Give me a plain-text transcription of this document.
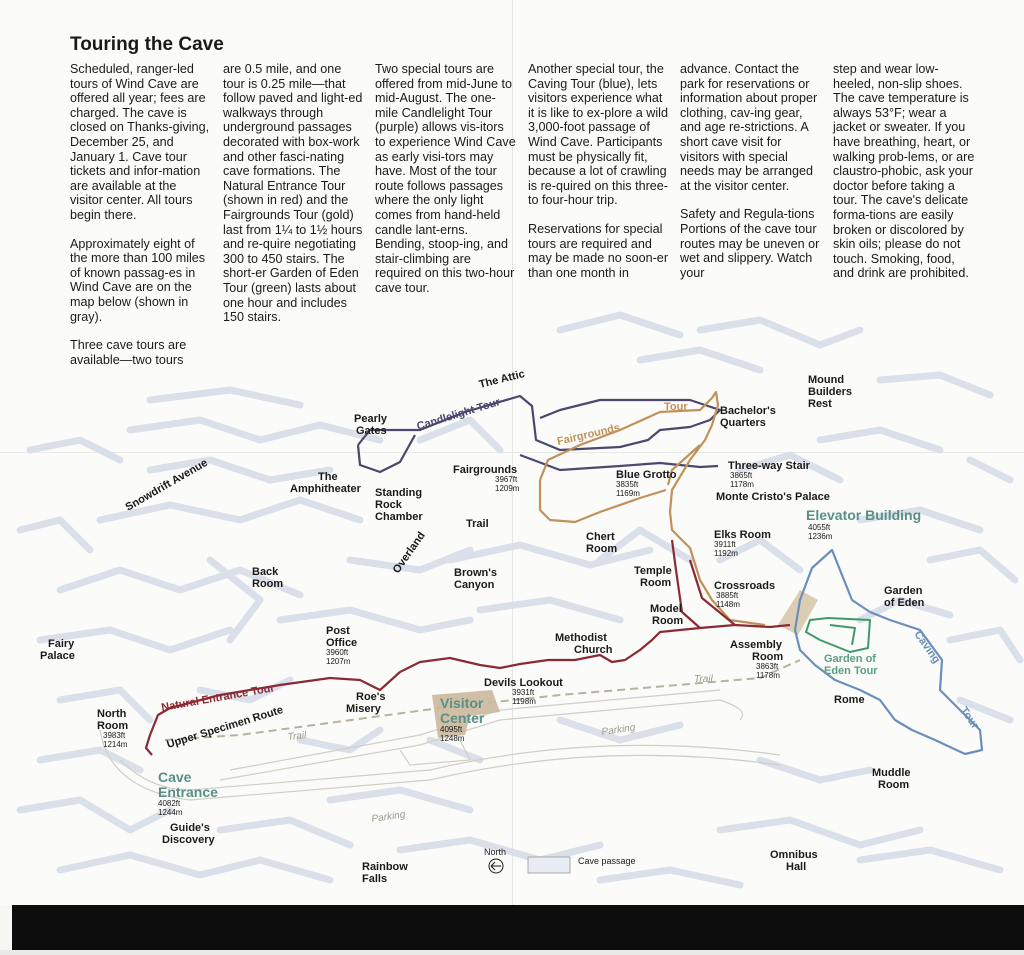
Touring the Cave

Scheduled, ranger-led tours of Wind Cave are offered all year; fees are charged. The cave is closed on Thanks-giving, December 25, and January 1. Cave tour tickets and infor-mation are available at the visitor center. All tours begin there.

Approximately eight of the more than 100 miles of known passag-es in Wind Cave are on the map below (shown in gray).

Three cave tours are available—two tours

are 0.5 mile, and one tour is 0.25 mile—that follow paved and light-ed walkways through underground passages decorated with box-work and other fasci-nating cave formations. The Natural Entrance Tour (shown in red) and the Fairgrounds Tour (gold) last from 1¼ to 1½ hours and re-quire negotiating 300 to 450 stairs. The short-er Garden of Eden Tour (green) lasts about one hour and includes 150 stairs.

Two special tours are offered from mid-June to mid-August. The one-mile Candlelight Tour (purple) allows vis-itors to experience Wind Cave as early visi-tors may have. Most of the tour route follows passages where the only light comes from hand-held candle lant-erns. Bending, stoop-ing, and stair-climbing are required on this two-hour cave tour.

Another special tour, the Caving Tour (blue), lets visitors experience what it is like to ex-plore a wild 3,000-foot passage of Wind Cave. Participants must be physically fit, because a lot of crawling is re-quired on this three-to four-hour trip.

Reservations for special tours are required and may be made no soon-er than one month in

advance. Contact the park for reservations or information about proper clothing, cav-ing gear, and age re-strictions. A short cave visit for visitors with special needs may be arranged at the visitor center.

Safety and Regula-tions Portions of the cave tour routes may be uneven or wet and slippery. Watch your

step and wear low-heeled, non-slip shoes. The cave temperature is always 53°F; wear a jacket or sweater. If you have breathing, heart, or walking prob-lems, or are claustro-phobic, ask your doctor before taking a tour. The cave's delicate forma-tions are easily broken or discolored by skin oils; please do not touch. Smoking, food, and drink are prohibited.

Mound
Builders
Rest
Bachelor's
Quarters
Pearly
Gates
The Attic
Fairgrounds
3967ft
1209m
Blue Grotto
3835ft
1169m
Three-way Stair
3865ft
1178m
Monte Cristo's Palace
The
Amphitheater Standing
Rock
Chamber
Snowdrift Avenue
Chert
Room
Elks Room
3911ft
1192m
Elevator Building
4055ft
1236m
Back
Room
Brown's
Canyon
Temple
Room	Crossroads
3885ft
1148m
Garden
of Eden
Fairy
Palace
Post
Office
3960ft
1207m
Model
Room
Methodist
Church	Assembly
Room
3863ft
1178m
Garden of
Eden Tour
Devils Lookout
3931ft
1198m
Roe's
Misery	Visitor
Center
4095ft
1248m
Rome
North
Room
3983ft
1214m
Cave
Entrance
4082ft
1244m
Muddle
Room
Guide's
Discovery
Rainbow
Falls
Omnibus
Hall
Candlelight Tour
Fairgrounds
Tour
Overland
Trail
Natural Entrance Tour
Upper Specimen Route
Caving
Tour
Trail
Trail
Parking
Parking
North
Cave passage
